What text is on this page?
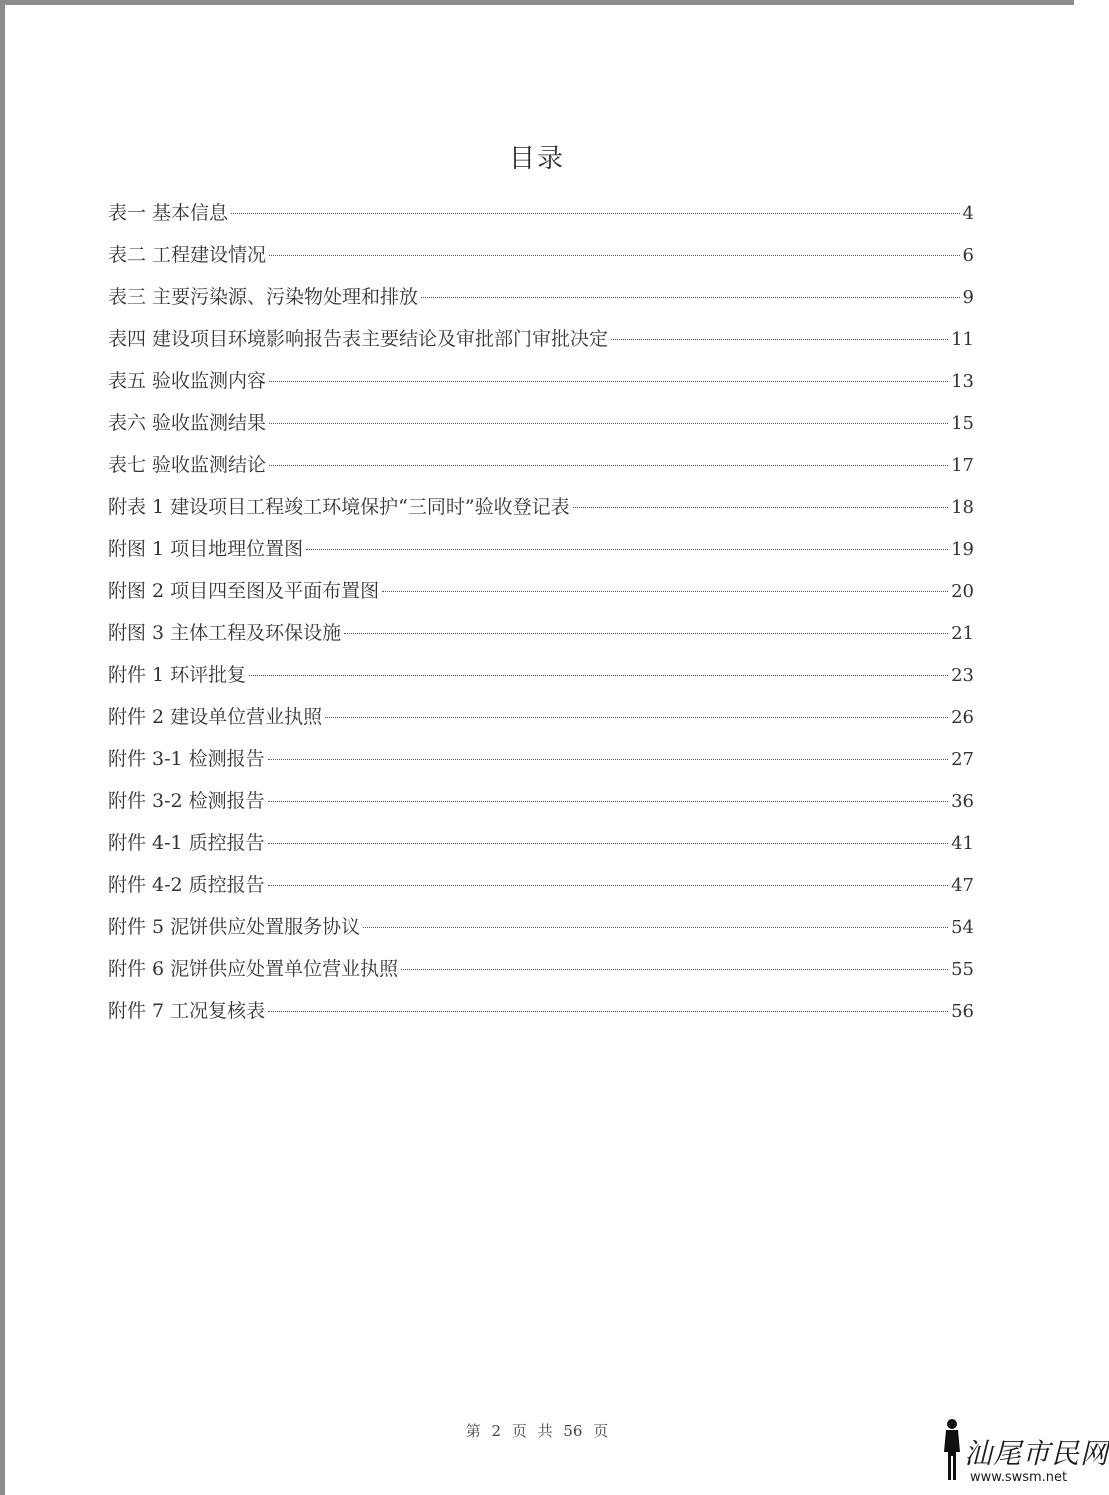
目录
表一 基本信息	4
表二 工程建设情况	6
表三 主要污染源、污染物处理和排放	9
表四 建设项目环境影响报告表主要结论及审批部门审批决定	11
表五 验收监测内容	13
表六 验收监测结果	15
表七 验收监测结论	17
附表 1 建设项目工程竣工环境保护“三同时”验收登记表	18
附图 1 项目地理位置图	19
附图 2 项目四至图及平面布置图	20
附图 3 主体工程及环保设施	21
附件 1 环评批复	23
附件 2 建设单位营业执照	26
附件 3-1 检测报告	27
附件 3-2 检测报告	36
附件 4-1 质控报告	41
附件 4-2 质控报告	47
附件 5 泥饼供应处置服务协议	54
附件 6 泥饼供应处置单位营业执照	55
附件 7 工况复核表	56
第 2 页 共 56 页
汕尾市民网
www.swsm.net
